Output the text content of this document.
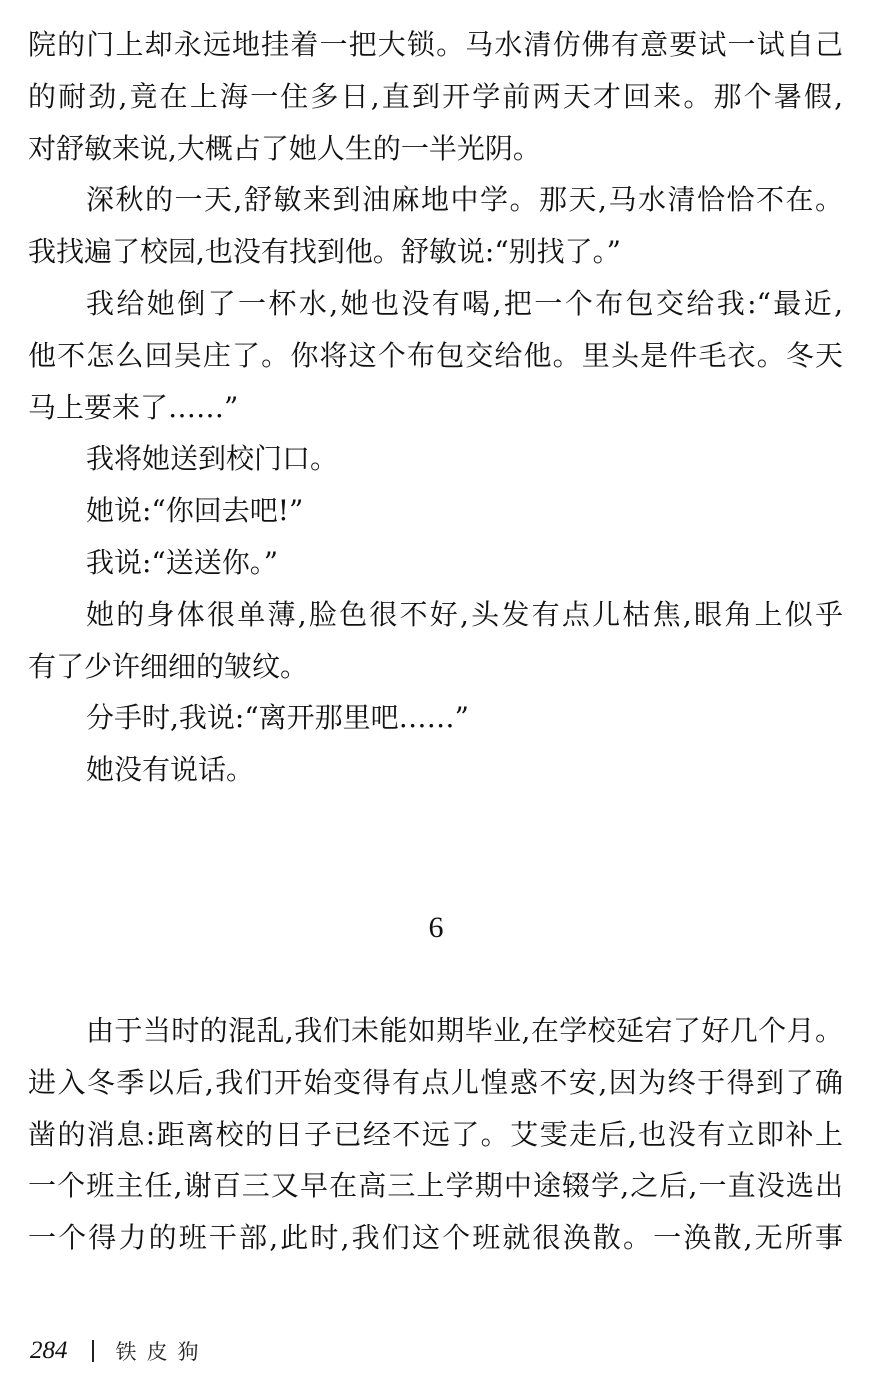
院的门上却永远地挂着一把大锁。马水清仿佛有意要试一试自己
的耐劲,竟在上海一住多日,直到开学前两天才回来。那个暑假,
对舒敏来说,大概占了她人生的一半光阴。
深秋的一天,舒敏来到油麻地中学。那天,马水清恰恰不在。
我找遍了校园,也没有找到他。舒敏说:“别找了。”
我给她倒了一杯水,她也没有喝,把一个布包交给我:“最近,
他不怎么回吴庄了。你将这个布包交给他。里头是件毛衣。冬天
马上要来了……”
我将她送到校门口。
她说:“你回去吧!”
我说:“送送你。”
她的身体很单薄,脸色很不好,头发有点儿枯焦,眼角上似乎
有了少许细细的皱纹。
分手时,我说:“离开那里吧……”
她没有说话。
6
由于当时的混乱,我们未能如期毕业,在学校延宕了好几个月。
进入冬季以后,我们开始变得有点儿惶惑不安,因为终于得到了确
凿的消息:距离校的日子已经不远了。艾雯走后,也没有立即补上
一个班主任,谢百三又早在高三上学期中途辍学,之后,一直没选出
一个得力的班干部,此时,我们这个班就很涣散。一涣散,无所事
284 铁皮狗
